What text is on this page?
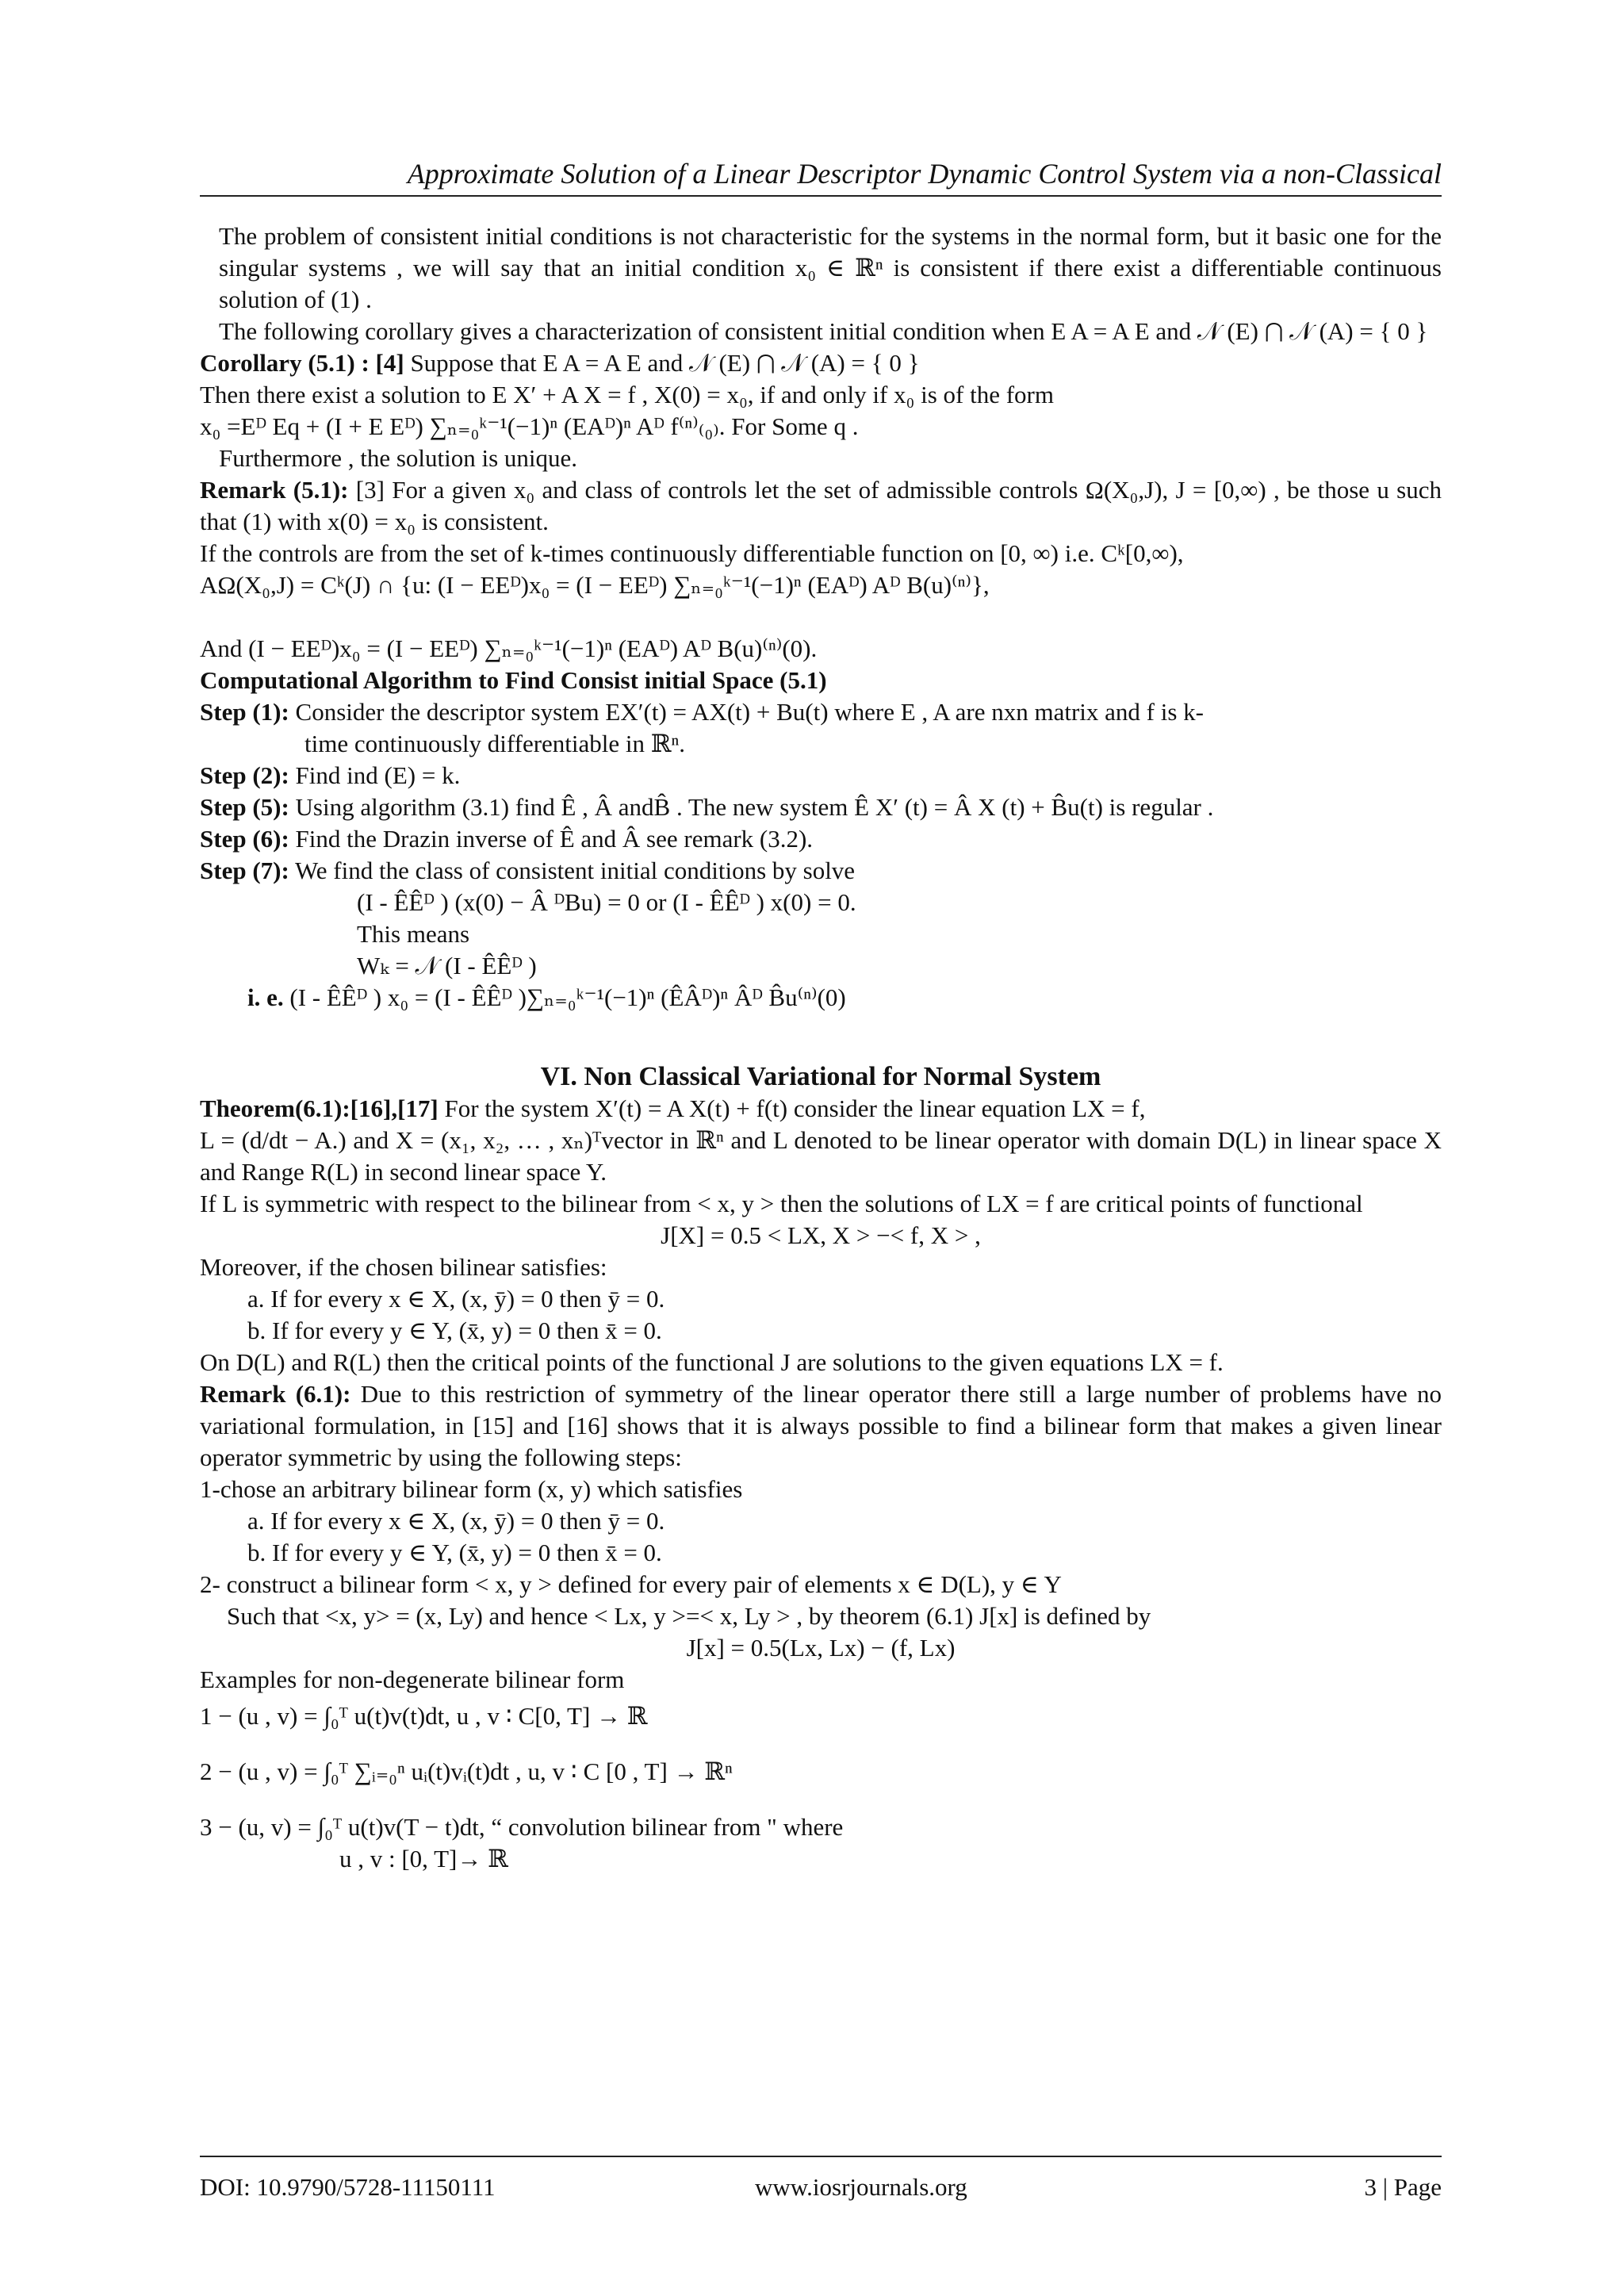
Approximate Solution of a Linear Descriptor Dynamic Control System via a non-Classical
The problem of consistent initial conditions is not characteristic for the systems in the normal form, but it basic one for the singular systems , we will say that an initial condition x₀ ∈ ℝⁿ is consistent if there exist a differentiable continuous solution of (1) .
The following corollary gives a characterization of consistent initial condition when E A = A E and 𝒩 (E) ⋂ 𝒩 (A) = { 0 }
Corollary (5.1) : [4] Suppose that E A = A E and 𝒩 (E) ⋂ 𝒩 (A) = { 0 }
Then there exist a solution to E X′ + A X = f , X(0) = x₀, if and only if x₀ is of the form
x₀ =Eᴰ Eq + (I + E Eᴰ) ∑ₙ₌₀ᵏ⁻¹(−1)ⁿ (EAᴰ)ⁿ Aᴰ f⁽ⁿ⁾₍₀₎. For Some q .
Furthermore , the solution is unique.
Remark (5.1): [3] For a given x₀ and class of controls let the set of admissible controls Ω(X₀,J), J = [0,∞) , be those u such that (1) with x(0) = x₀ is consistent.
If the controls are from the set of k-times continuously differentiable function on [0, ∞) i.e. Cᵏ[0,∞),
AΩ(X₀,J) = Cᵏ(J) ∩ {u: (I − EEᴰ)x₀ = (I − EEᴰ) ∑ₙ₌₀ᵏ⁻¹(−1)ⁿ (EAᴰ) Aᴰ B(u)⁽ⁿ⁾},
And (I − EEᴰ)x₀ = (I − EEᴰ) ∑ₙ₌₀ᵏ⁻¹(−1)ⁿ (EAᴰ) Aᴰ B(u)⁽ⁿ⁾(0).
Computational Algorithm to Find Consist initial Space (5.1)
Step (1): Consider the descriptor system EX′(t) = AX(t) + Bu(t) where E , A are nxn matrix and f is k-
time continuously differentiable in ℝⁿ.
Step (2): Find ind (E) = k.
Step (5): Using algorithm (3.1) find Ê , Â andB̂ . The new system Ê X′ (t) = Â X (t) + B̂u(t) is regular .
Step (6): Find the Drazin inverse of Ê and Â see remark (3.2).
Step (7): We find the class of consistent initial conditions by solve
(I - ÊÊᴰ ) (x(0) − Â ᴰBu) = 0 or (I - ÊÊᴰ ) x(0) = 0.
This means
Wₖ = 𝒩 (I - ÊÊᴰ )
i. e. (I - ÊÊᴰ ) x₀ = (I - ÊÊᴰ )∑ₙ₌₀ᵏ⁻¹(−1)ⁿ (ÊÂᴰ)ⁿ Âᴰ B̂u⁽ⁿ⁾(0)
VI. Non Classical Variational for Normal System
Theorem(6.1):[16],[17] For the system X′(t) = A X(t) + f(t) consider the linear equation LX = f,
L = (d/dt − A.) and X = (x₁, x₂, … , xₙ)ᵀvector in ℝⁿ and L denoted to be linear operator with domain D(L) in linear space X and Range R(L) in second linear space Y.
If L is symmetric with respect to the bilinear from < x, y > then the solutions of LX = f are critical points of functional
J[X] = 0.5 < LX, X > −< f, X > ,
Moreover, if the chosen bilinear satisfies:
a. If for every x ∈ X, (x, ȳ) = 0 then ȳ = 0.
b. If for every y ∈ Y, (x̄, y) = 0 then x̄ = 0.
On D(L) and R(L) then the critical points of the functional J are solutions to the given equations LX = f.
Remark (6.1): Due to this restriction of symmetry of the linear operator there still a large number of problems have no variational formulation, in [15] and [16] shows that it is always possible to find a bilinear form that makes a given linear operator symmetric by using the following steps:
1-chose an arbitrary bilinear form (x, y) which satisfies
a. If for every x ∈ X, (x, ȳ) = 0 then ȳ = 0.
b. If for every y ∈ Y, (x̄, y) = 0 then x̄ = 0.
2- construct a bilinear form < x, y > defined for every pair of elements x ∈ D(L), y ∈ Y
Such that <x, y> = (x, Ly) and hence < Lx, y >=< x, Ly > , by theorem (6.1) J[x] is defined by
J[x] = 0.5(Lx, Lx) − (f, Lx)
Examples for non-degenerate bilinear form
1 − (u , v) = ∫₀ᵀ u(t)v(t)dt, u , v ∶ C[0, T] → ℝ
2 − (u , v) = ∫₀ᵀ ∑ᵢ₌₀ⁿ uᵢ(t)vᵢ(t)dt , u, v ∶ C [0 , T] → ℝⁿ
3 − (u, v) = ∫₀ᵀ u(t)v(T − t)dt, “ convolution bilinear from " where
u , v : [0, T]→ ℝ
DOI: 10.9790/5728-11150111	www.iosrjournals.org	3 | Page
